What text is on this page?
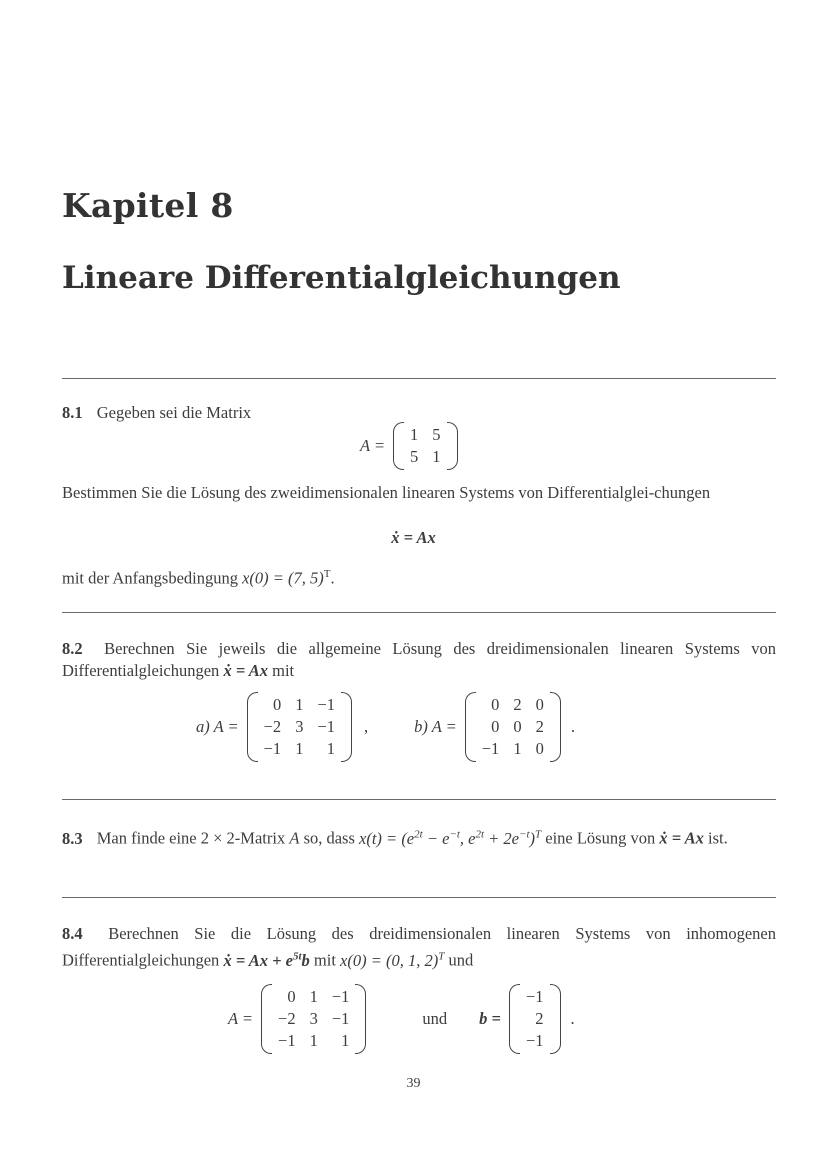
Kapitel 8
Lineare Differentialgleichungen
8.1 Gegeben sei die Matrix
A =
1 5
5 1
Bestimmen Sie die Lösung des zweidimensionalen linearen Systems von Differentialglei-chungen
ẋ = Ax
mit der Anfangsbedingung x(0) = (7, 5)$^T$.
8.2 Berechnen Sie jeweils die allgemeine Lösung des dreidimensionalen linearen Systems von Differentialgleichungen ẋ = Ax mit
a) A =
0 1 −1
−2 3 −1
−1 1	1
,	b) A =
0 2 0
0 0 2
−1 1 0
.
8.3 Man finde eine 2 × 2-Matrix A so, dass $x(t) = (e^{2t} - e^{-t}$, $e^{2t} + 2e^{-t})^T$ eine Lösung von ẋ = Ax ist.
8.4 Berechnen Sie die Lösung des dreidimensionalen linearen Systems von inhomogenen Differentialgleichungen ẋ = $Ax + e^{5t}b$ mit x(0) = (0, 1, 2)$^T$ und
A =
0 1 −1
−2 3 −1
−1 1	1
und b =
−1
2
−1
.
39
